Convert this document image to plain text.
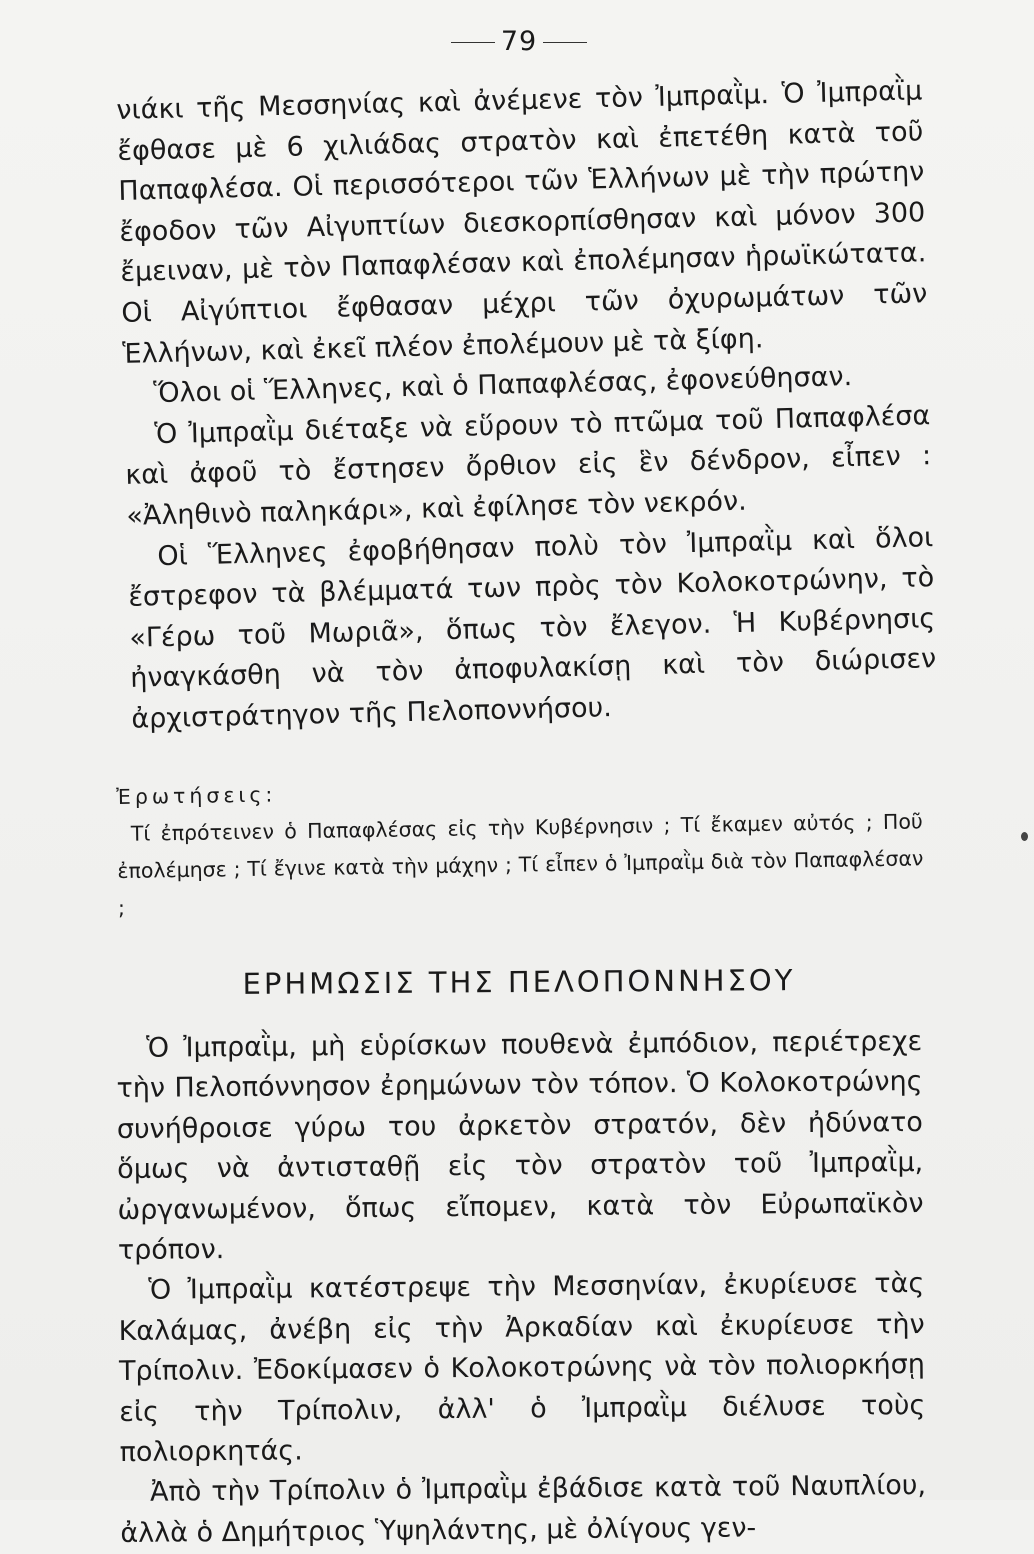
79

νιάκι τῆς Μεσσηνίας καὶ ἀνέμενε τὸν Ἰμπραῒμ. Ὁ Ἰμπραῒμ ἔφθασε μὲ 6 χιλιάδας στρατὸν καὶ ἐπετέθη κατὰ τοῦ Παπαφλέσα. Οἱ περισσότεροι τῶν Ἑλλήνων μὲ τὴν πρώτην ἔφοδον τῶν Αἰγυπτίων διεσκορπίσθησαν καὶ μόνον 300 ἔμειναν, μὲ τὸν Παπαφλέσαν καὶ ἐπολέμησαν ἡρωϊκώτατα. Οἱ Αἰγύπτιοι ἔφθασαν μέχρι τῶν ὀχυρωμάτων τῶν Ἑλλήνων, καὶ ἐκεῖ πλέον ἐπολέμουν μὲ τὰ ξίφη.

Ὅλοι οἱ Ἕλληνες, καὶ ὁ Παπαφλέσας, ἐφονεύθησαν.

Ὁ Ἰμπραῒμ διέταξε νὰ εὕρουν τὸ πτῶμα τοῦ Παπαφλέσα καὶ ἀφοῦ τὸ ἔστησεν ὄρθιον εἰς ἓν δένδρον, εἶπεν : «Ἀληθινὸ παληκάρι», καὶ ἐφίλησε τὸν νεκρόν.

Οἱ Ἕλληνες ἐφοβήθησαν πολὺ τὸν Ἰμπραῒμ καὶ ὅλοι ἔστρεφον τὰ βλέμματά των πρὸς τὸν Κολοκοτρώνην, τὸ «Γέρω τοῦ Μωριᾶ», ὅπως τὸν ἔλεγον. Ἡ Κυβέρνησις ἠναγκάσθη νὰ τὸν ἀποφυλακίσῃ καὶ τὸν διώρισεν ἀρχιστράτηγον τῆς Πελοποννήσου.

Ἐρωτήσεις:

Τί ἐπρότεινεν ὁ Παπαφλέσας εἰς τὴν Κυβέρνησιν ; Τί ἔκαμεν αὐτός ; Ποῦ ἐπολέμησε ; Τί ἔγινε κατὰ τὴν μάχην ; Τί εἶπεν ὁ Ἰμπραῒμ διὰ τὸν Παπαφλέσαν ;

ΕΡΗΜΩΣΙΣ ΤΗΣ ΠΕΛΟΠΟΝΝΗΣΟΥ

Ὁ Ἰμπραῒμ, μὴ εὑρίσκων πουθενὰ ἐμπόδιον, περιέτρεχε τὴν Πελοπόννησον ἐρημώνων τὸν τόπον. Ὁ Κολοκοτρώνης συνήθροισε γύρω του ἀρκετὸν στρατόν, δὲν ἠδύνατο ὅμως νὰ ἀντισταθῇ εἰς τὸν στρατὸν τοῦ Ἰμπραῒμ, ὠργανωμένον, ὅπως εἴπομεν, κατὰ τὸν Εὐρωπαϊκὸν τρόπον.

Ὁ Ἰμπραῒμ κατέστρεψε τὴν Μεσσηνίαν, ἐκυρίευσε τὰς Καλάμας, ἀνέβη εἰς τὴν Ἀρκαδίαν καὶ ἐκυρίευσε τὴν Τρίπολιν. Ἐδοκίμασεν ὁ Κολοκοτρώνης νὰ τὸν πολιορκήσῃ εἰς τὴν Τρίπολιν, ἀλλ' ὁ Ἰμπραῒμ διέλυσε τοὺς πολιορκητάς.

Ἀπὸ τὴν Τρίπολιν ὁ Ἰμπραῒμ ἐβάδισε κατὰ τοῦ Ναυπλίου, ἀλλὰ ὁ Δημήτριος Ὑψηλάντης, μὲ ὀλίγους γεν-
